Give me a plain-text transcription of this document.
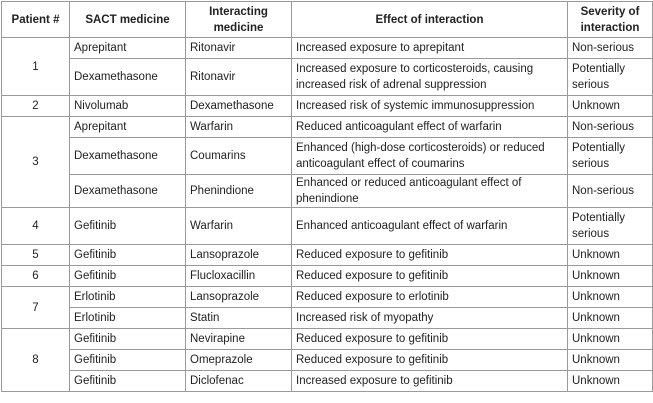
Patient #	SACT medicine	Interacting medicine	Effect of interaction	Severity of interaction
1	Aprepitant	Ritonavir	Increased exposure to aprepitant	Non-serious
	Dexamethasone	Ritonavir	Increased exposure to corticosteroids, causing increased risk of adrenal suppression	Potentially serious
2	Nivolumab	Dexamethasone	Increased risk of systemic immunosuppression	Unknown
3	Aprepitant	Warfarin	Reduced anticoagulant effect of warfarin	Non-serious
	Dexamethasone	Coumarins	Enhanced (high-dose corticosteroids) or reduced anticoagulant effect of coumarins	Potentially serious
	Dexamethasone	Phenindione	Enhanced or reduced anticoagulant effect of phenindione	Non-serious
4	Gefitinib	Warfarin	Enhanced anticoagulant effect of warfarin	Potentially serious
5	Gefitinib	Lansoprazole	Reduced exposure to gefitinib	Unknown
6	Gefitinib	Flucloxacillin	Reduced exposure to gefitinib	Unknown
7	Erlotinib	Lansoprazole	Reduced exposure to erlotinib	Unknown
	Erlotinib	Statin	Increased risk of myopathy	Unknown
8	Gefitinib	Nevirapine	Reduced exposure to gefitinib	Unknown
	Gefitinib	Omeprazole	Reduced exposure to gefitinib	Unknown
	Gefitinib	Diclofenac	Increased exposure to gefitinib	Unknown
